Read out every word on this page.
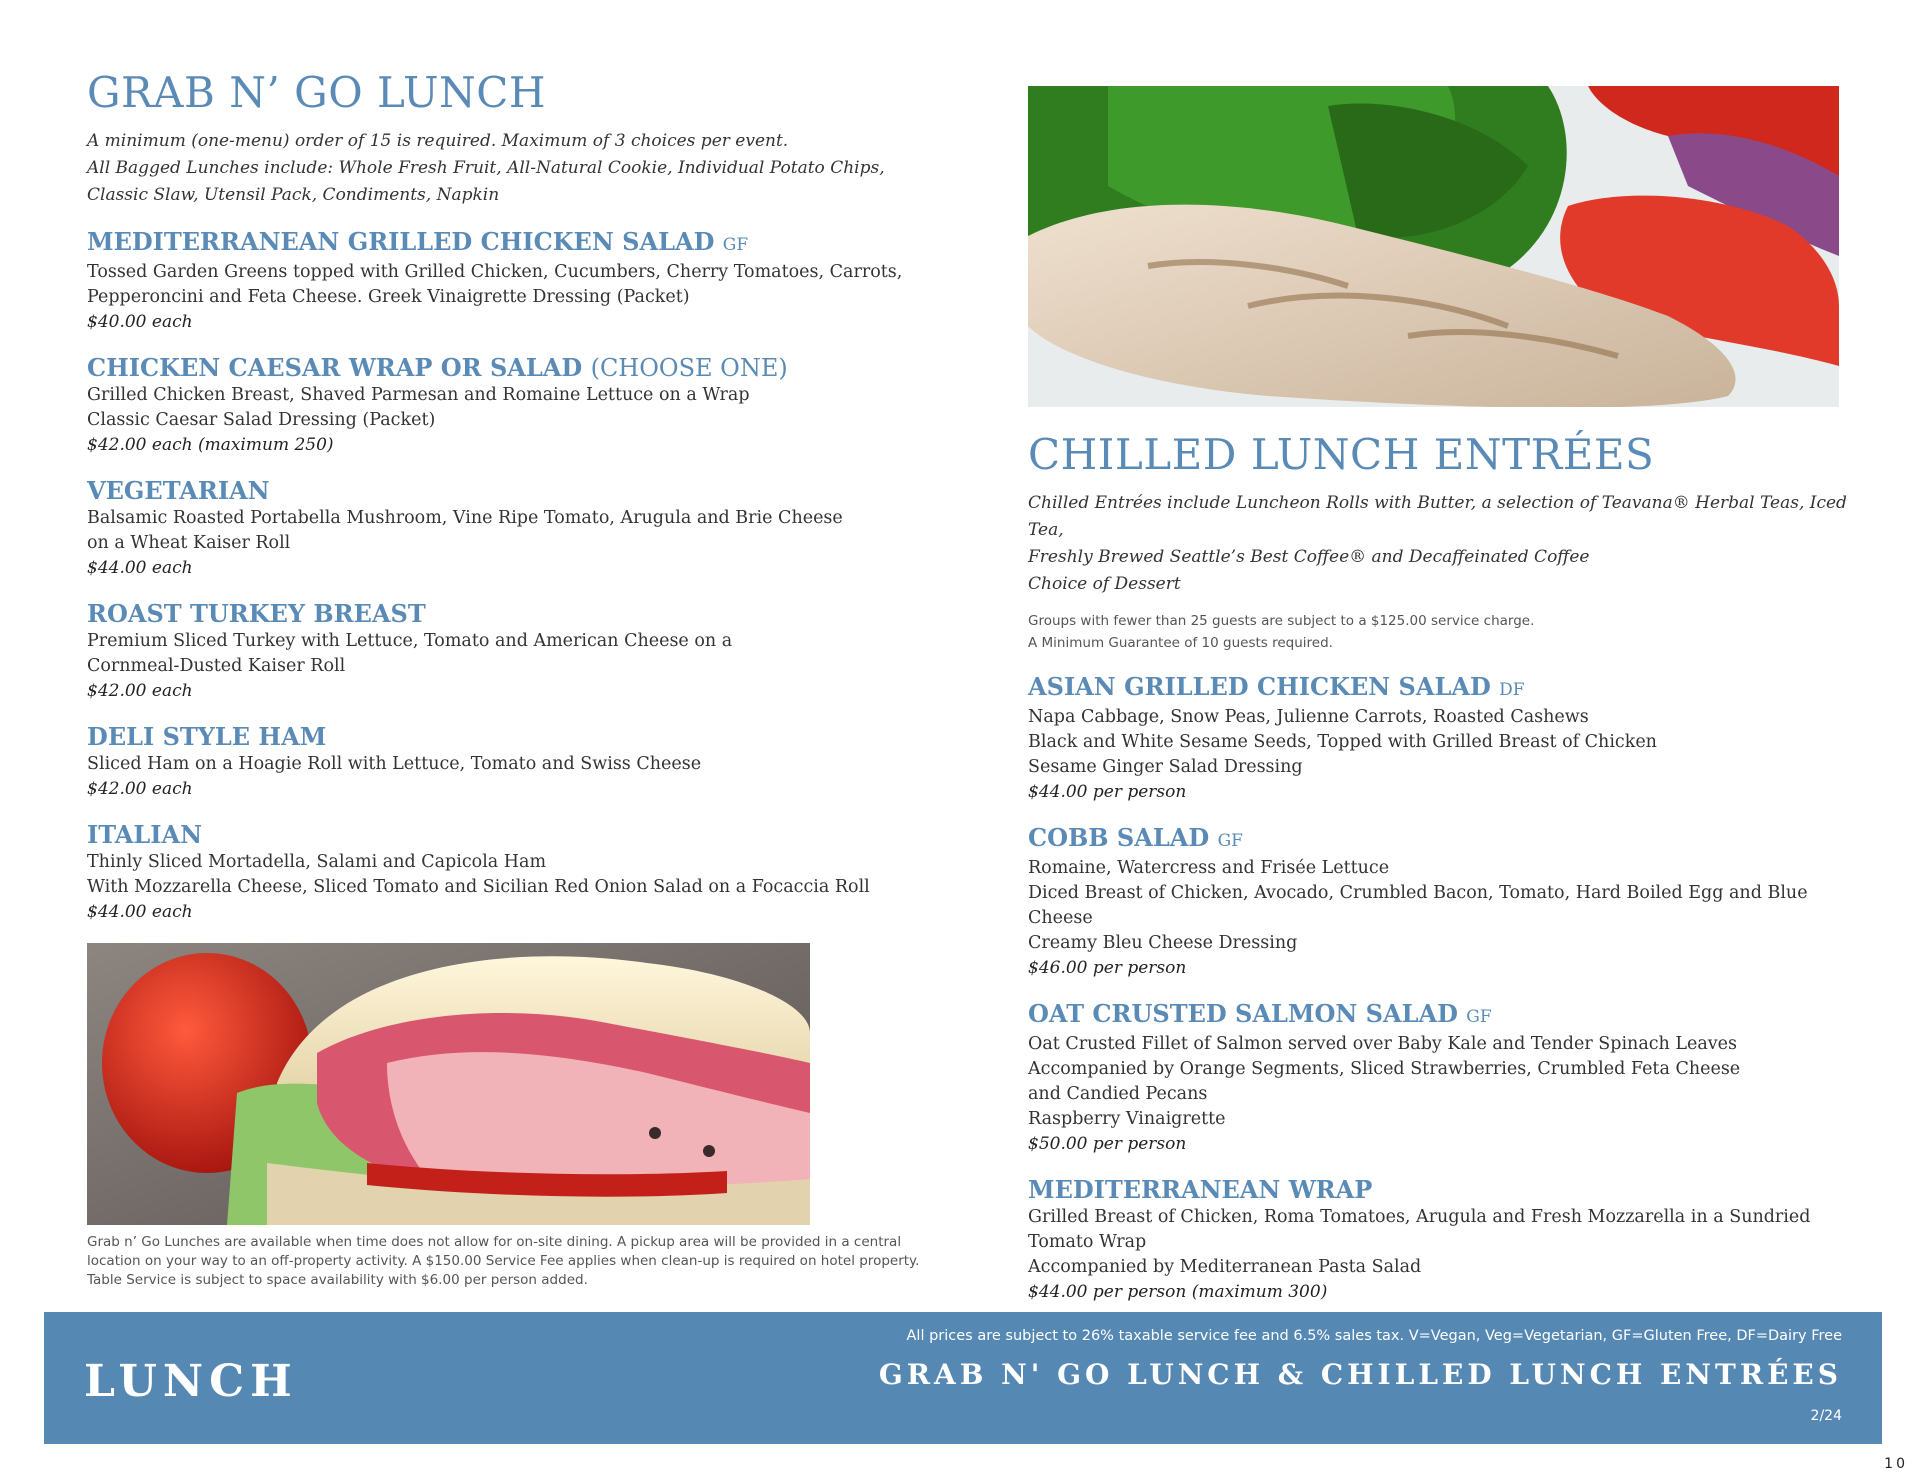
GRAB N’ GO LUNCH

A minimum (one-menu) order of 15 is required. Maximum of 3 choices per event.
All Bagged Lunches include: Whole Fresh Fruit, All-Natural Cookie, Individual Potato Chips,
Classic Slaw, Utensil Pack, Condiments, Napkin

MEDITERRANEAN GRILLED CHICKEN SALAD GF

Tossed Garden Greens topped with Grilled Chicken, Cucumbers, Cherry Tomatoes, Carrots,
Pepperoncini and Feta Cheese. Greek Vinaigrette Dressing (Packet)

$40.00 each

CHICKEN CAESAR WRAP OR SALAD (CHOOSE ONE)

Grilled Chicken Breast, Shaved Parmesan and Romaine Lettuce on a Wrap
Classic Caesar Salad Dressing (Packet)

$42.00 each (maximum 250)

VEGETARIAN

Balsamic Roasted Portabella Mushroom, Vine Ripe Tomato, Arugula and Brie Cheese
on a Wheat Kaiser Roll

$44.00 each

ROAST TURKEY BREAST

Premium Sliced Turkey with Lettuce, Tomato and American Cheese on a
Cornmeal-Dusted Kaiser Roll

$42.00 each

DELI STYLE HAM

Sliced Ham on a Hoagie Roll with Lettuce, Tomato and Swiss Cheese

$42.00 each

ITALIAN

Thinly Sliced Mortadella, Salami and Capicola Ham
With Mozzarella Cheese, Sliced Tomato and Sicilian Red Onion Salad on a Focaccia Roll

$44.00 each

Grab n’ Go Lunches are available when time does not allow for on-site dining. A pickup area will be provided in a central
location on your way to an off-property activity. A $150.00 Service Fee applies when clean-up is required on hotel property.
Table Service is subject to space availability with $6.00 per person added.
CHILLED LUNCH ENTRÉES

Chilled Entrées include Luncheon Rolls with Butter, a selection of Teavana® Herbal Teas, Iced Tea,
Freshly Brewed Seattle’s Best Coffee® and Decaffeinated Coffee
Choice of Dessert

Groups with fewer than 25 guests are subject to a $125.00 service charge.
A Minimum Guarantee of 10 guests required.

ASIAN GRILLED CHICKEN SALAD DF

Napa Cabbage, Snow Peas, Julienne Carrots, Roasted Cashews
Black and White Sesame Seeds, Topped with Grilled Breast of Chicken
Sesame Ginger Salad Dressing

$44.00 per person

COBB SALAD GF

Romaine, Watercress and Frisée Lettuce
Diced Breast of Chicken, Avocado, Crumbled Bacon, Tomato, Hard Boiled Egg and Blue Cheese
Creamy Bleu Cheese Dressing

$46.00 per person

OAT CRUSTED SALMON SALAD GF

Oat Crusted Fillet of Salmon served over Baby Kale and Tender Spinach Leaves
Accompanied by Orange Segments, Sliced Strawberries, Crumbled Feta Cheese
and Candied Pecans
Raspberry Vinaigrette

$50.00 per person

MEDITERRANEAN WRAP

Grilled Breast of Chicken, Roma Tomatoes, Arugula and Fresh Mozzarella in a Sundried Tomato Wrap
Accompanied by Mediterranean Pasta Salad

$44.00 per person (maximum 300)

LUNCH
All prices are subject to 26% taxable service fee and 6.5% sales tax. V=Vegan, Veg=Vegetarian, GF=Gluten Free, DF=Dairy Free
GRAB N' GO LUNCH & CHILLED LUNCH ENTRÉES
2/24
10
